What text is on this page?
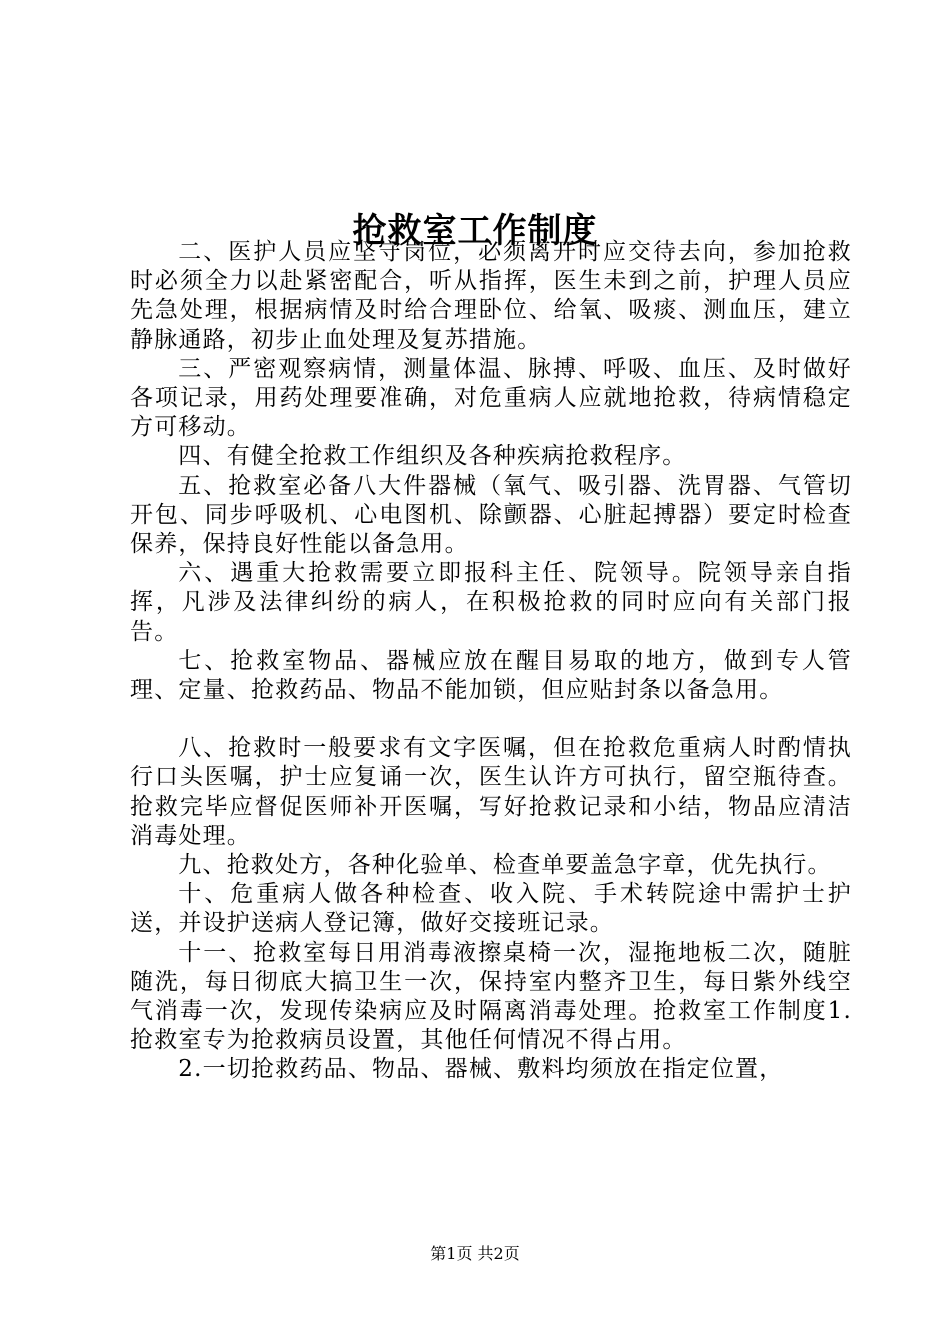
抢救室工作制度

二、医护人员应坚守岗位，必须离开时应交待去向，参加抢救时必须全力以赴紧密配合，听从指挥，医生未到之前，护理人员应先急处理，根据病情及时给合理卧位、给氧、吸痰、测血压，建立静脉通路，初步止血处理及复苏措施。

三、严密观察病情，测量体温、脉搏、呼吸、血压、及时做好各项记录，用药处理要准确，对危重病人应就地抢救，待病情稳定方可移动。

四、有健全抢救工作组织及各种疾病抢救程序。

五、抢救室必备八大件器械（氧气、吸引器、洗胃器、气管切开包、同步呼吸机、心电图机、除颤器、心脏起搏器）要定时检查保养，保持良好性能以备急用。

六、遇重大抢救需要立即报科主任、院领导。院领导亲自指挥，凡涉及法律纠纷的病人，在积极抢救的同时应向有关部门报告。

七、抢救室物品、器械应放在醒目易取的地方，做到专人管理、定量、抢救药品、物品不能加锁，但应贴封条以备急用。

八、抢救时一般要求有文字医嘱，但在抢救危重病人时酌情执行口头医嘱，护士应复诵一次，医生认许方可执行，留空瓶待查。抢救完毕应督促医师补开医嘱，写好抢救记录和小结，物品应清洁消毒处理。

九、抢救处方，各种化验单、检查单要盖急字章，优先执行。

十、危重病人做各种检查、收入院、手术转院途中需护士护送，并设护送病人登记簿，做好交接班记录。

十一、抢救室每日用消毒液擦桌椅一次，湿拖地板二次，随脏随洗，每日彻底大搞卫生一次，保持室内整齐卫生，每日紫外线空气消毒一次，发现传染病应及时隔离消毒处理。抢救室工作制度1.抢救室专为抢救病员设置，其他任何情况不得占用。

2.一切抢救药品、物品、器械、敷料均须放在指定位置，

第1页 共2页
